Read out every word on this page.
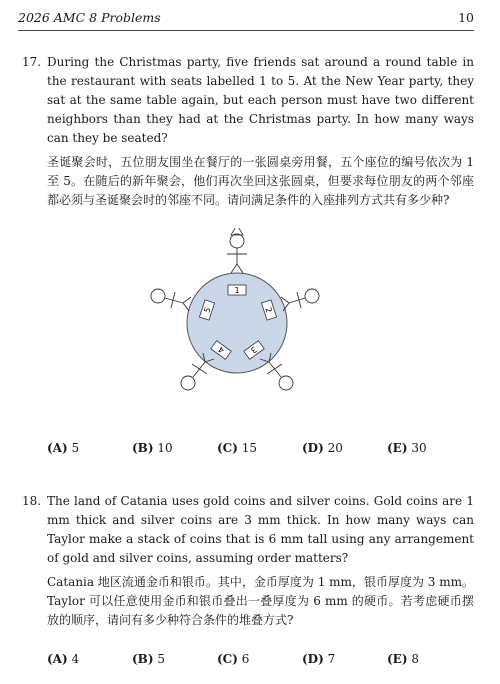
2026 AMC 8 Problems	10
17. During the Christmas party, five friends sat around a round table in the restaurant with seats labelled 1 to 5. At the New Year party, they sat at the same table again, but each person must have two different neighbors than they had at the Christmas party. In how many ways can they be seated?
圣诞聚会时，五位朋友围坐在餐厅的一张圆桌旁用餐，五个座位的编号依次为 1 至 5。在随后的新年聚会，他们再次坐回这张圆桌，但要求每位朋友的两个邻座都必须与圣诞聚会时的邻座不同。请问满足条件的入座排列方式共有多少种?
1
2
3
4
5
(A) 5	(B) 10	(C) 15	(D) 20	(E) 30
18. The land of Catania uses gold coins and silver coins. Gold coins are 1 mm thick and silver coins are 3 mm thick. In how many ways can Taylor make a stack of coins that is 6 mm tall using any arrangement of gold and silver coins, assuming order matters?
Catania 地区流通金币和银币。其中，金币厚度为 1 mm，银币厚度为 3 mm。Taylor 可以任意使用金币和银币叠出一叠厚度为 6 mm 的硬币。若考虑硬币摆放的顺序，请问有多少种符合条件的堆叠方式?
(A) 4	(B) 5	(C) 6	(D) 7	(E) 8
